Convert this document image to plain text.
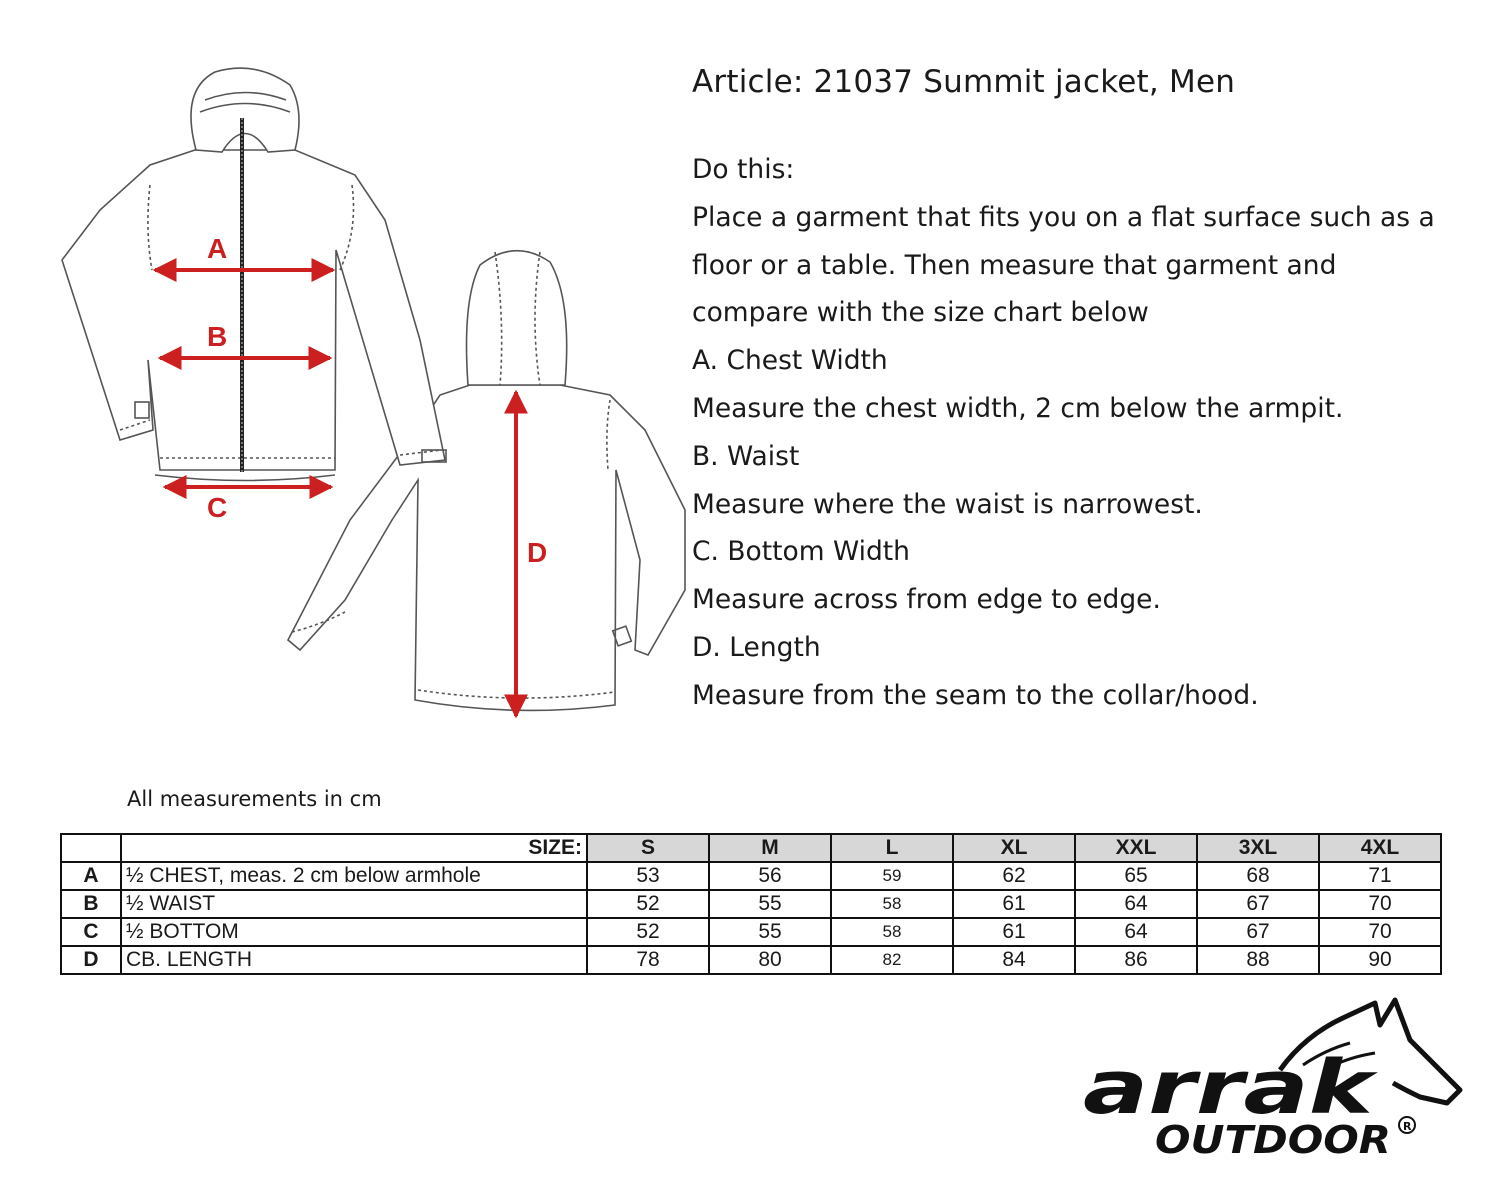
A
B
C
D
Article: 21037 Summit jacket, Men

Do this:

Place a garment that fits you on a flat surface such as a

floor or a table. Then measure that garment and

compare with the size chart below

A. Chest Width

Measure the chest width, 2 cm below the armpit.

B. Waist

Measure where the waist is narrowest.

C. Bottom Width

Measure across from edge to edge.

D. Length

Measure from the seam to the collar/hood.

All measurements in cm
	SIZE:	S	M	L	XL	XXL	3XL	4XL
A	½ CHEST, meas. 2 cm below armhole	53	56	59	62	65	68	71
B	½ WAIST	52	55	58	61	64	67	70
C	½ BOTTOM	52	55	58	61	64	67	70
D	CB. LENGTH	78	80	82	84	86	88	90
arrak
OUTDOOR R
